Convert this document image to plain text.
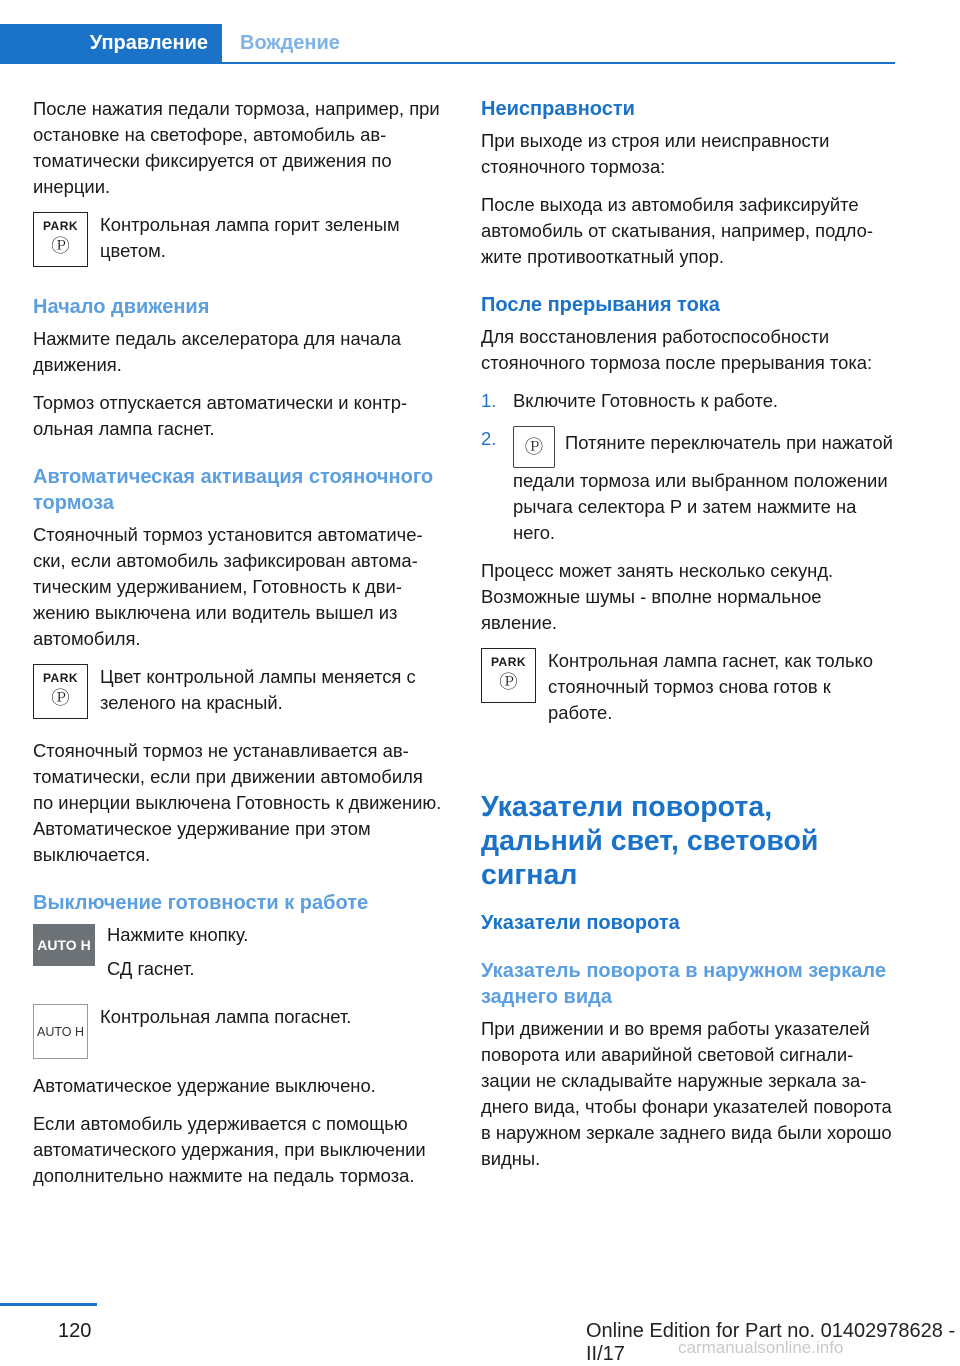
Управление	Вождение

После нажатия педали тормоза, например, при остановке на светофоре, автомобиль автоматически фиксируется от движения по инерции.

PARK
Ⓟ

Контрольная лампа горит зеленым цветом.

Начало движения

Нажмите педаль акселератора для начала движения.

Тормоз отпускается автоматически и контрольная лампа гаснет.

Автоматическая активация стояночного тормоза

Стояночный тормоз установится автоматически, если автомобиль зафиксирован автоматическим удерживанием, Готовность к движению выключена или водитель вышел из автомобиля.

PARK
Ⓟ

Цвет контрольной лампы меняется с зеленого на красный.

Стояночный тормоз не устанавливается автоматически, если при движении автомобиля по инерции выключена Готовность к движению. Автоматическое удерживание при этом выключается.

Выключение готовности к работе
AUTO H Нажмите кнопку.

СД гаснет.

AUTO H

Контрольная лампа погаснет.

Автоматическое удержание выключено.

Если автомобиль удерживается с помощью автоматического удержания, при выключении дополнительно нажмите на педаль тормоза.

Неисправности

При выходе из строя или неисправности стояночного тормоза:

После выхода из автомобиля зафиксируйте автомобиль от скатывания, например, подложите противооткатный упор.

После прерывания тока

Для восстановления работоспособности стояночного тормоза после прерывания тока:

1. Включите Готовность к работе.
2.	Ⓟ Потяните переключатель при нажатой педали тормоза или выбранном положении рычага селектора P и затем нажмите на него.

Процесс может занять несколько секунд. Возможные шумы - вполне нормальное явление.

PARK
Ⓟ

Контрольная лампа гаснет, как только стояночный тормоз снова готов к работе.

Указатели поворота, дальний свет, световой сигнал
Указатели поворота
Указатель поворота в наружном зеркале заднего вида

При движении и во время работы указателей поворота или аварийной световой сигнализации не складывайте наружные зеркала заднего вида, чтобы фонари указателей поворота в наружном зеркале заднего вида были хорошо видны.

120	Online Edition for Part no. 01402978628 - II/17	carmanualsonline.info
